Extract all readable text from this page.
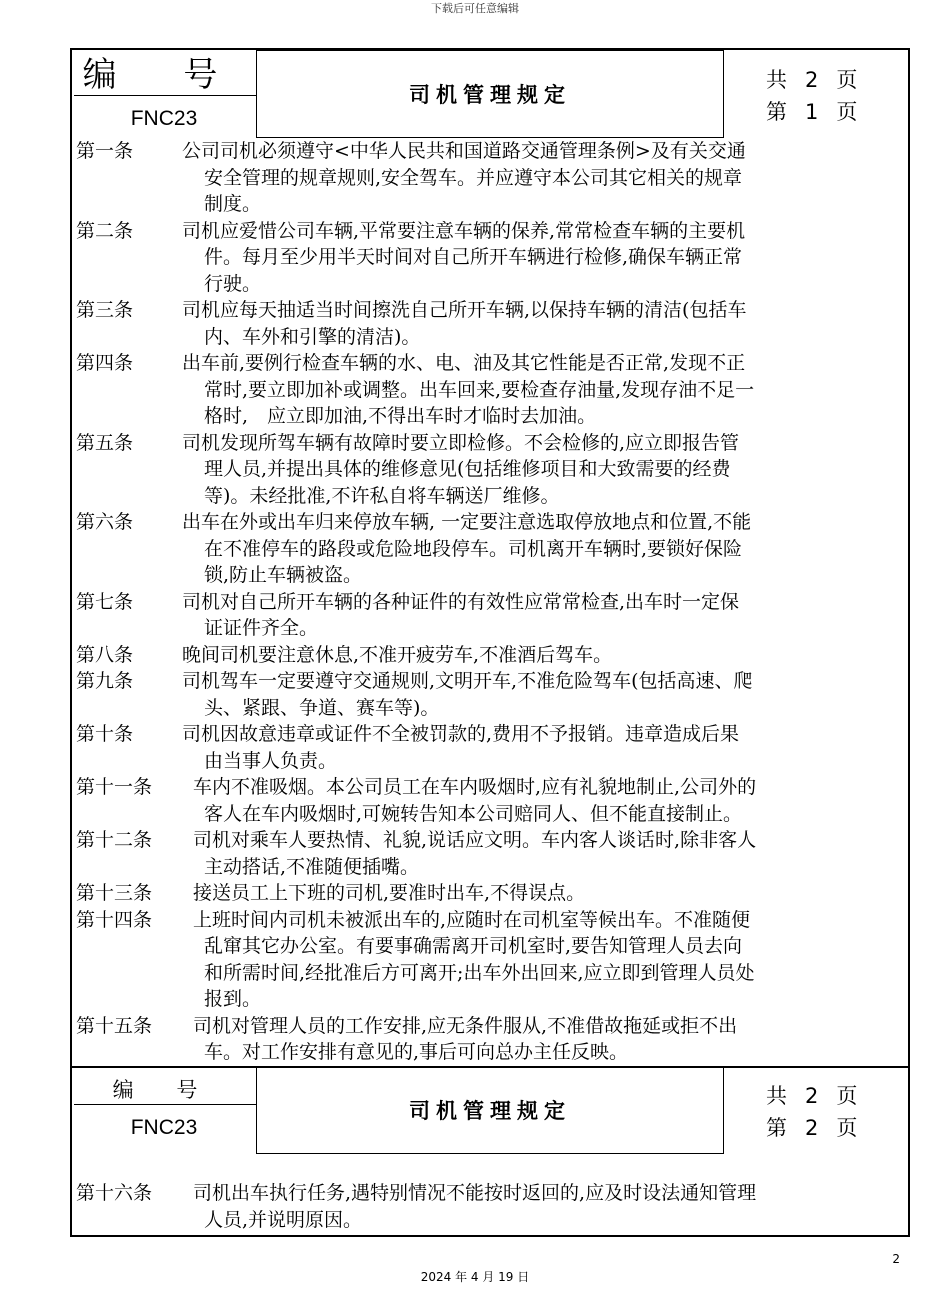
下载后可任意编辑
编 号
FNC23
司机管理规定
共 2 页
第 1 页
第一条	公司司机必须遵守<中华人民共和国道路交通管理条例>及有关交通
安全管理的规章规则,安全驾车。并应遵守本公司其它相关的规章
制度。
第二条	司机应爱惜公司车辆,平常要注意车辆的保养,常常检查车辆的主要机
件。每月至少用半天时间对自己所开车辆进行检修,确保车辆正常
行驶。
第三条	司机应每天抽适当时间擦洗自己所开车辆,以保持车辆的清洁(包括车
内、车外和引擎的清洁)。
第四条	出车前,要例行检查车辆的水、电、油及其它性能是否正常,发现不正
常时,要立即加补或调整。出车回来,要检查存油量,发现存油不足一
格时,　应立即加油,不得出车时才临时去加油。
第五条	司机发现所驾车辆有故障时要立即检修。不会检修的,应立即报告管
理人员,并提出具体的维修意见(包括维修项目和大致需要的经费
等)。未经批准,不许私自将车辆送厂维修。
第六条	出车在外或出车归来停放车辆, 一定要注意选取停放地点和位置,不能
在不准停车的路段或危险地段停车。司机离开车辆时,要锁好保险
锁,防止车辆被盗。
第七条	司机对自己所开车辆的各种证件的有效性应常常检查,出车时一定保
证证件齐全。
第八条	晚间司机要注意休息,不准开疲劳车,不准酒后驾车。
第九条	司机驾车一定要遵守交通规则,文明开车,不准危险驾车(包括高速、爬
头、紧跟、争道、赛车等)。
第十条	司机因故意违章或证件不全被罚款的,费用不予报销。违章造成后果
由当事人负责。
第十一条 车内不准吸烟。本公司员工在车内吸烟时,应有礼貌地制止,公司外的
客人在车内吸烟时,可婉转告知本公司赔同人、但不能直接制止。
第十二条 司机对乘车人要热情、礼貌,说话应文明。车内客人谈话时,除非客人
主动搭话,不准随便插嘴。
第十三条 接送员工上下班的司机,要准时出车,不得误点。
第十四条 上班时间内司机未被派出车的,应随时在司机室等候出车。不准随便
乱窜其它办公室。有要事确需离开司机室时,要告知管理人员去向
和所需时间,经批准后方可离开;出车外出回来,应立即到管理人员处
报到。
第十五条 司机对管理人员的工作安排,应无条件服从,不准借故拖延或拒不出
车。对工作安排有意见的,事后可向总办主任反映。
编 号
FNC23
司机管理规定
共 2 页
第 2 页
第十六条 司机出车执行任务,遇特别情况不能按时返回的,应及时设法通知管理
人员,并说明原因。
2
2024 年 4 月 19 日
